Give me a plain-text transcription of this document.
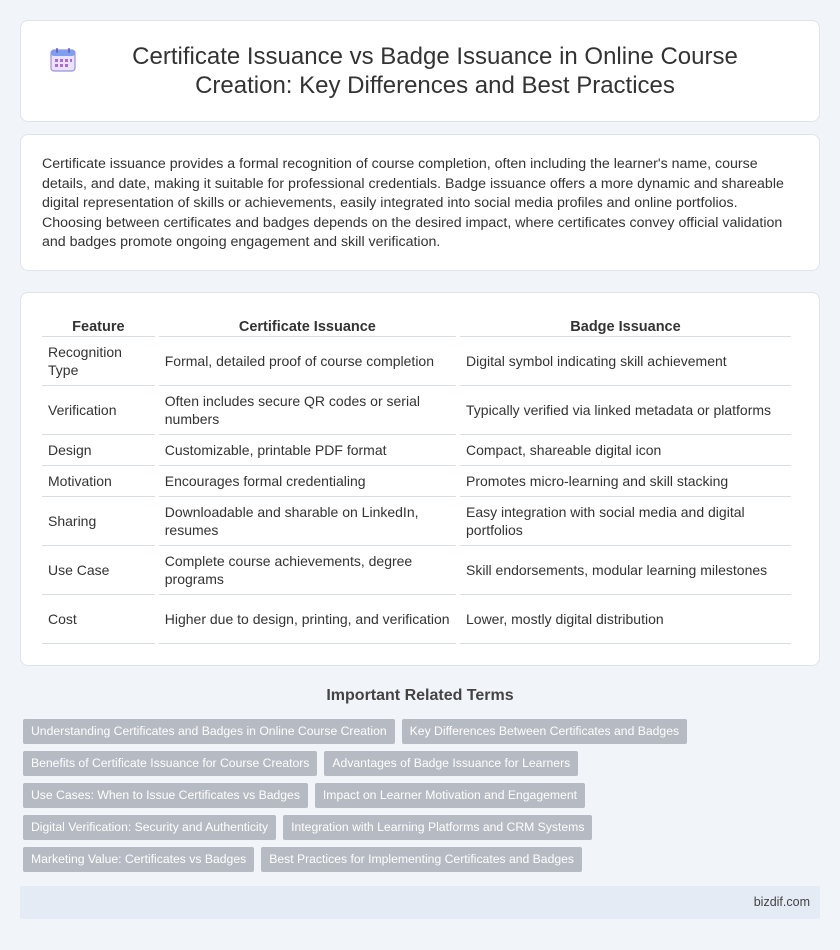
Certificate Issuance vs Badge Issuance in Online Course Creation: Key Differences and Best Practices

Certificate issuance provides a formal recognition of course completion, often including the learner's name, course details, and date, making it suitable for professional credentials. Badge issuance offers a more dynamic and shareable digital representation of skills or achievements, easily integrated into social media profiles and online portfolios. Choosing between certificates and badges depends on the desired impact, where certificates convey official validation and badges promote ongoing engagement and skill verification.

Feature	Certificate Issuance	Badge Issuance
Recognition Type	Formal, detailed proof of course completion	Digital symbol indicating skill achievement
Verification	Often includes secure QR codes or serial numbers	Typically verified via linked metadata or platforms
Design	Customizable, printable PDF format	Compact, shareable digital icon
Motivation	Encourages formal credentialing	Promotes micro-learning and skill stacking
Sharing	Downloadable and sharable on LinkedIn, resumes	Easy integration with social media and digital portfolios
Use Case	Complete course achievements, degree programs	Skill endorsements, modular learning milestones
Cost	Higher due to design, printing, and verification	Lower, mostly digital distribution
Important Related Terms
Understanding Certificates and Badges in Online Course Creation	Key Differences Between Certificates and Badges
Benefits of Certificate Issuance for Course Creators	Advantages of Badge Issuance for Learners
Use Cases: When to Issue Certificates vs Badges	Impact on Learner Motivation and Engagement
Digital Verification: Security and Authenticity	Integration with Learning Platforms and CRM Systems
Marketing Value: Certificates vs Badges	Best Practices for Implementing Certificates and Badges
bizdif.com
